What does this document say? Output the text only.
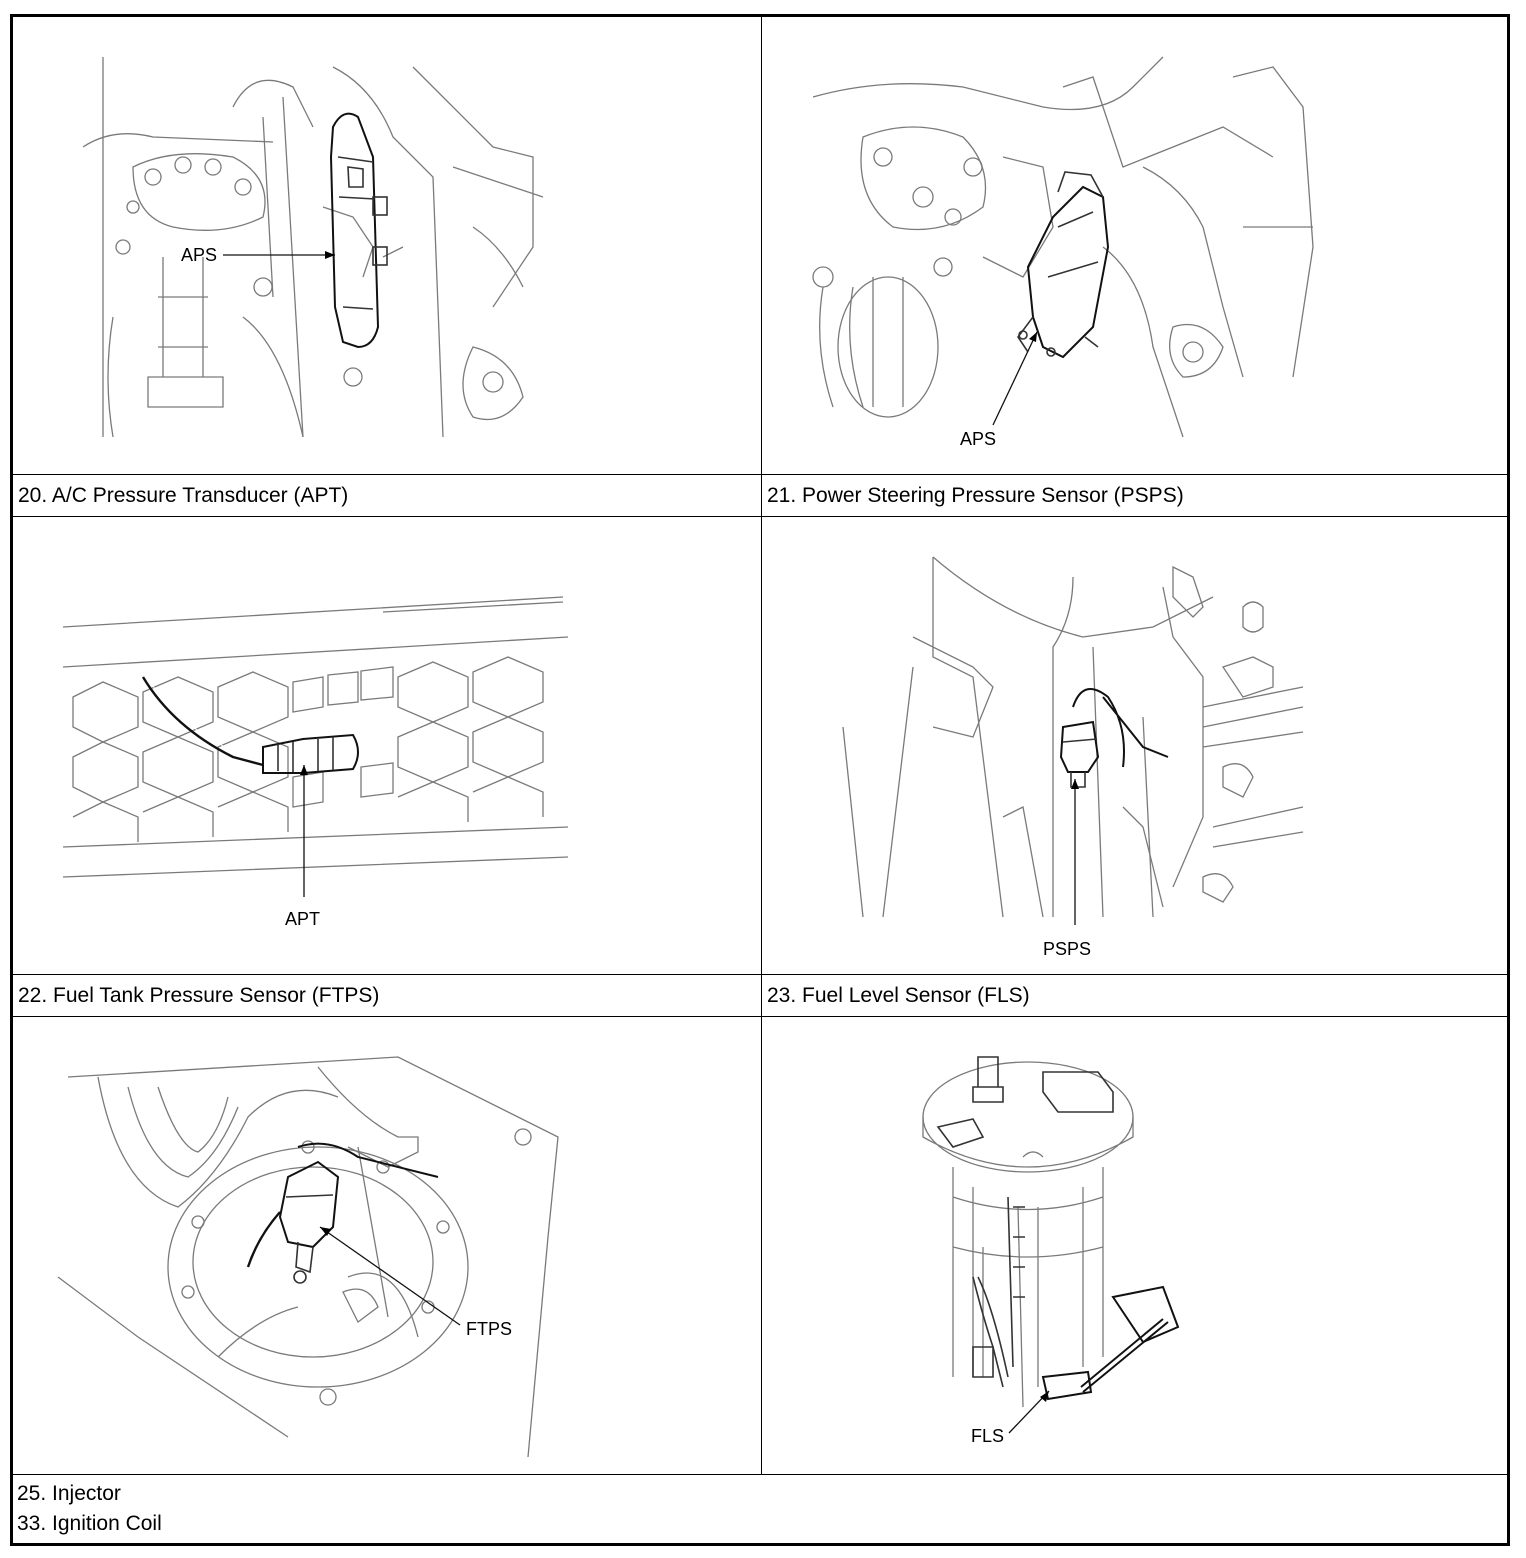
APS
APS
20. A/C Pressure Transducer (APT)	21. Power Steering Pressure Sensor (PSPS)
APT
PSPS
22. Fuel Tank Pressure Sensor (FTPS)	23. Fuel Level Sensor (FLS)
FTPS
FLS
25. Injector
33. Ignition Coil
